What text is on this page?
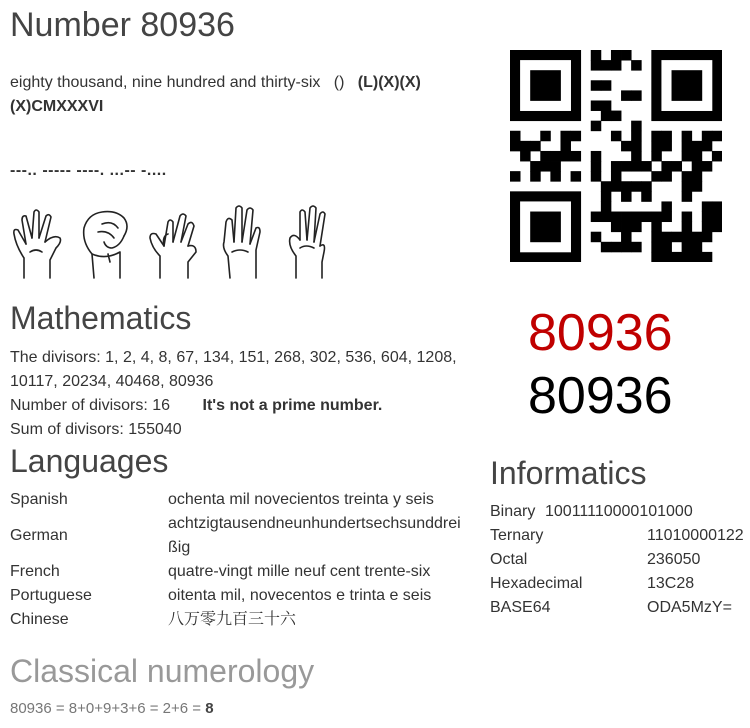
Number 80936
eighty thousand, nine hundred and thirty-six () (L)(X)(X)(X)CMXXXVI
---.. ----- ----. ...-- -....
80936
80936
Mathematics
The divisors: 1, 2, 4, 8, 67, 134, 151, 268, 302, 536, 604, 1208, 10117, 20234, 40468, 80936
Number of divisors: 16 It's not a prime number.
Sum of divisors: 155040
Languages
Spanish	ochenta mil novecientos treinta y seis
German	achtzigtausendneunhundertsechsunddreißig
French	quatre-vingt mille neuf cent trente-six
Portuguese	oitenta mil, novecentos e trinta e seis
Chinese	八万零九百三十六
Informatics
Binary 10011110000101000
Ternary	11010000122
Octal	236050
Hexadecimal	13C28
BASE64	ODA5MzY=
Classical numerology
80936 = 8+0+9+3+6 = 2+6 = 8
